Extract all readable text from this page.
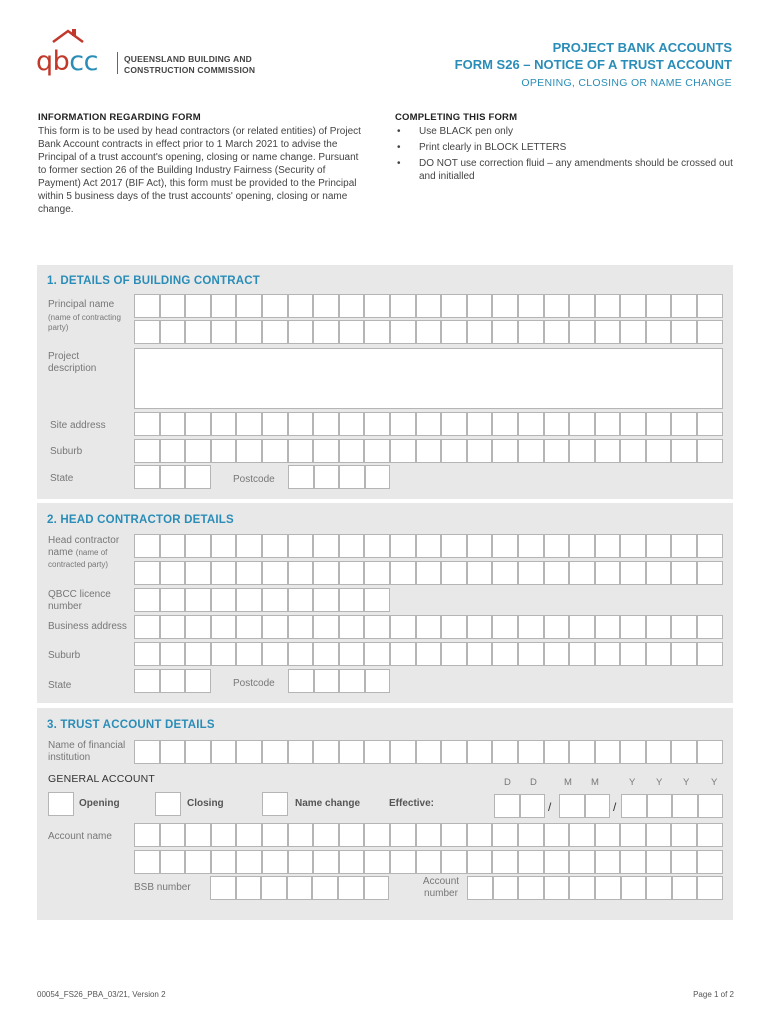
qbcc	QUEENSLAND BUILDING AND
CONSTRUCTION COMMISSION
PROJECT BANK ACCOUNTS
FORM S26 – NOTICE OF A TRUST ACCOUNT
OPENING, CLOSING OR NAME CHANGE
INFORMATION REGARDING FORM

This form is to be used by head contractors (or related entities) of Project Bank Account contracts in effect prior to 1 March 2021 to advise the Principal of a trust account's opening, closing or name change. Pursuant to former section 26 of the Building Industry Fairness (Security of Payment) Act 2017 (BIF Act), this form must be provided to the Principal within 5 business days of the trust accounts' opening, closing or name change.

COMPLETING THIS FORM
• Use BLACK pen only
• Print clearly in BLOCK LETTERS
• DO NOT use correction fluid – any amendments should be crossed out and initialled
1. DETAILS OF BUILDING CONTRACT
Principal name
(name of contracting party)
Project
description
Site address
Suburb
State	Postcode
2. HEAD CONTRACTOR DETAILS
Head contractor
name (name of
contracted party)
QBCC licence
number
Business address
Suburb
State	Postcode
3. TRUST ACCOUNT DETAILS
Name of financial
institution
GENERAL ACCOUNT	D D	M M	Y Y Y Y
Opening	Closing	Name change	Effective:	/	/
Account name
BSB number
Account
number
00054_FS26_PBA_03/21, Version 2	Page 1 of 2
